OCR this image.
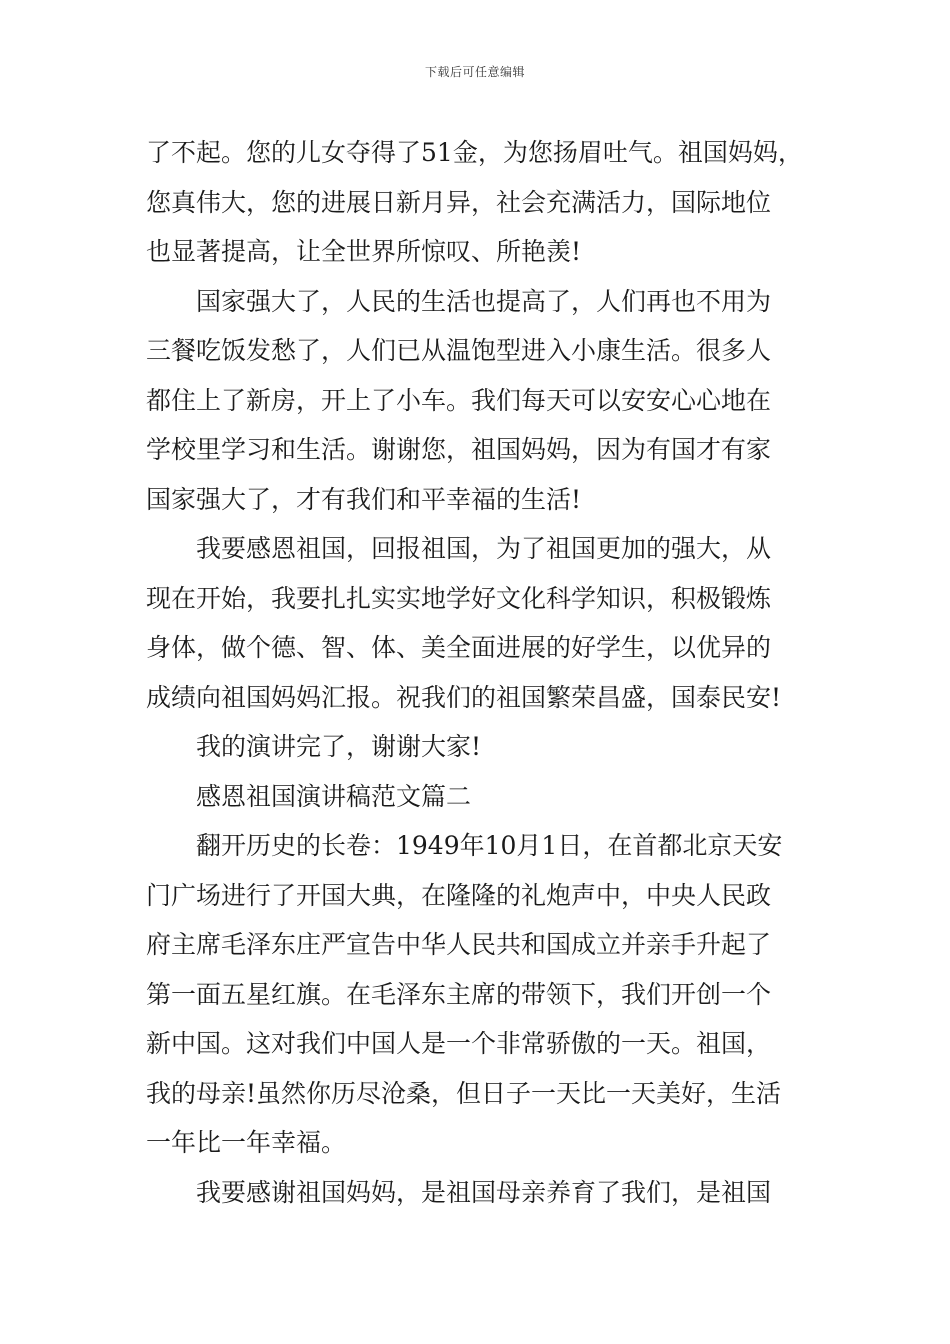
下载后可任意编辑

了不起。您的儿女夺得了51金，为您扬眉吐气。祖国妈妈，
您真伟大，您的进展日新月异，社会充满活力，国际地位
也显著提高，让全世界所惊叹、所艳羡!

国家强大了，人民的生活也提高了，人们再也不用为
三餐吃饭发愁了，人们已从温饱型进入小康生活。很多人
都住上了新房，开上了小车。我们每天可以安安心心地在
学校里学习和生活。谢谢您，祖国妈妈，因为有国才有家
国家强大了，才有我们和平幸福的生活!

我要感恩祖国，回报祖国，为了祖国更加的强大，从
现在开始，我要扎扎实实地学好文化科学知识，积极锻炼
身体，做个德、智、体、美全面进展的好学生，以优异的
成绩向祖国妈妈汇报。祝我们的祖国繁荣昌盛，国泰民安!

我的演讲完了，谢谢大家!

感恩祖国演讲稿范文篇二

翻开历史的长卷：1949年10月1日，在首都北京天安
门广场进行了开国大典，在隆隆的礼炮声中，中央人民政
府主席毛泽东庄严宣告中华人民共和国成立并亲手升起了
第一面五星红旗。在毛泽东主席的带领下，我们开创一个
新中国。这对我们中国人是一个非常骄傲的一天。祖国，
我的母亲!虽然你历尽沧桑，但日子一天比一天美好，生活
一年比一年幸福。

我要感谢祖国妈妈，是祖国母亲养育了我们，是祖国
